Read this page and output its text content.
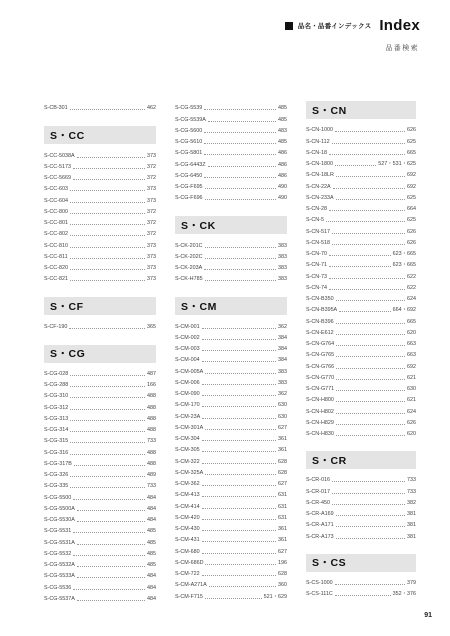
品名・品番インデックス Index
品番検索
S-CB-301	462
S・CC
S-CC-5038A	373
S-CC-5173	372
S-CC-5669	372
S-CC-603	373
S-CC-604	373
S-CC-800	372
S-CC-801	372
S-CC-802	372
S-CC-810	373
S-CC-811	373
S-CC-820	373
S-CC-821	373
S・CF
S-CF-190	365
S・CG
S-CG-028	487
S-CG-288	166
S-CG-310	488
S-CG-312	488
S-CG-313	488
S-CG-314	488
S-CG-315	733
S-CG-316	488
S-CG-317B	488
S-CG-326	489
S-CG-335	733
S-CG-5500	484
S-CG-5500A	484
S-CG-5530A	484
S-CG-5531	485
S-CG-5531A	485
S-CG-5532	485
S-CG-5532A	485
S-CG-5533A	484
S-CG-5536	484
S-CG-5537A	484
S-CG-5539	485
S-CG-5539A	485
S-CG-5600	483
S-CG-5610	485
S-CG-5801	486
S-CG-6443Z	486
S-CG-6450	486
S-CG-F695	490
S-CG-F696	490
S・CK
S-CK-201C	383
S-CK-202C	383
S-CK-203A	383
S-CK-H785	383
S・CM
S-CM-001	362
S-CM-002	384
S-CM-003	384
S-CM-004	384
S-CM-005A	383
S-CM-006	383
S-CM-090	362
S-CM-170	630
S-CM-23A	630
S-CM-301A	627
S-CM-304	361
S-CM-305	361
S-CM-322	628
S-CM-325A	628
S-CM-362	627
S-CM-413	631
S-CM-414	631
S-CM-420	631
S-CM-430	361
S-CM-431	361
S-CM-680	627
S-CM-686D	196
S-CM-722	628
S-CM-A271A	360
S-CM-F715	521・629
S・CN
S-CN-1000	626
S-CN-112	625
S-CN-18	665
S-CN-1800	527・531・625
S-CN-18LR	692
S-CN-22A	692
S-CN-233A	625
S-CN-28	664
S-CN-5	625
S-CN-517	626
S-CN-518	626
S-CN-70	623・665
S-CN-71	623・665
S-CN-73	622
S-CN-74	622
S-CN-B350	624
S-CN-B395A	664・692
S-CN-B396	665
S-CN-E612	620
S-CN-G764	663
S-CN-G765	663
S-CN-G766	692
S-CN-G770	621
S-CN-G771	630
S-CN-H800	621
S-CN-H802	624
S-CN-H829	626
S-CN-H830	620
S・CR
S-CR-016	733
S-CR-017	733
S-CR-450	382
S-CR-A169	381
S-CR-A171	381
S-CR-A173	381
S・CS
S-CS-1000	379
S-CS-111C	352・376
91
